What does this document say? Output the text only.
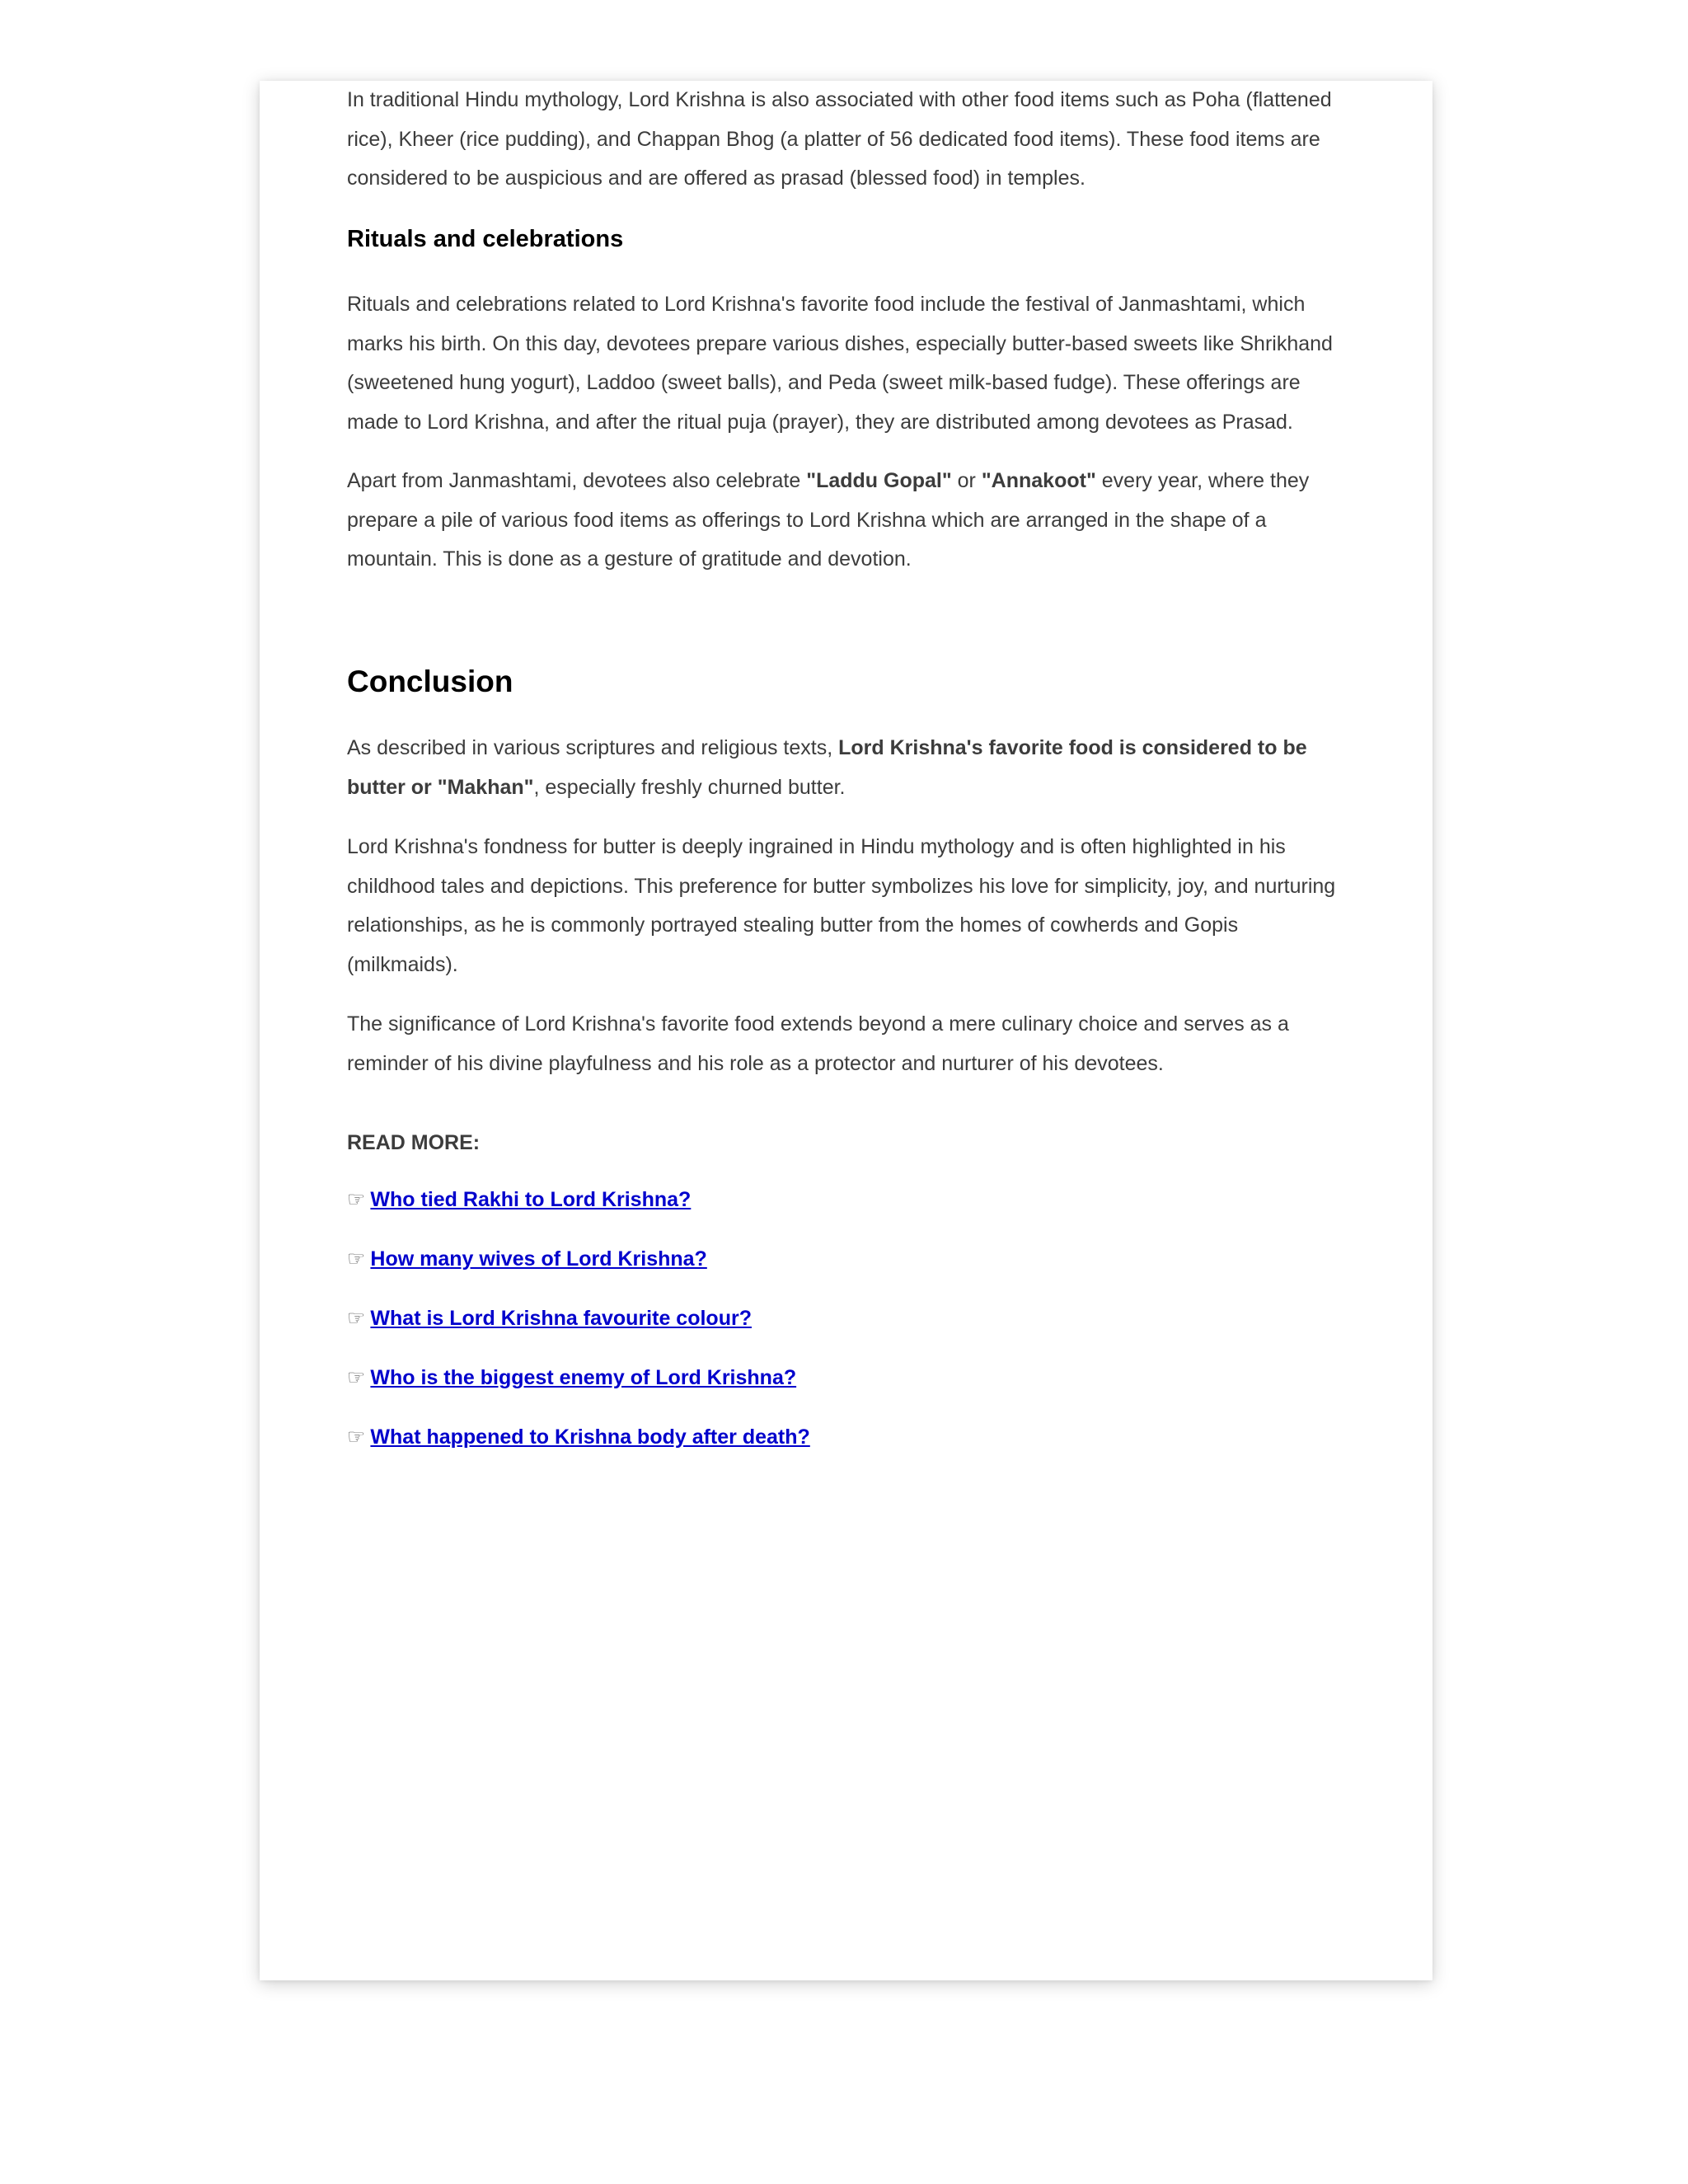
In traditional Hindu mythology, Lord Krishna is also associated with other food items such as Poha (flattened rice), Kheer (rice pudding), and Chappan Bhog (a platter of 56 dedicated food items). These food items are considered to be auspicious and are offered as prasad (blessed food) in temples.

Rituals and celebrations

Rituals and celebrations related to Lord Krishna's favorite food include the festival of Janmashtami, which marks his birth. On this day, devotees prepare various dishes, especially butter-based sweets like Shrikhand (sweetened hung yogurt), Laddoo (sweet balls), and Peda (sweet milk-based fudge). These offerings are made to Lord Krishna, and after the ritual puja (prayer), they are distributed among devotees as Prasad.

Apart from Janmashtami, devotees also celebrate "Laddu Gopal" or "Annakoot" every year, where they prepare a pile of various food items as offerings to Lord Krishna which are arranged in the shape of a mountain. This is done as a gesture of gratitude and devotion.

Conclusion

As described in various scriptures and religious texts, Lord Krishna's favorite food is considered to be butter or "Makhan", especially freshly churned butter.

Lord Krishna's fondness for butter is deeply ingrained in Hindu mythology and is often highlighted in his childhood tales and depictions. This preference for butter symbolizes his love for simplicity, joy, and nurturing relationships, as he is commonly portrayed stealing butter from the homes of cowherds and Gopis (milkmaids).

The significance of Lord Krishna's favorite food extends beyond a mere culinary choice and serves as a reminder of his divine playfulness and his role as a protector and nurturer of his devotees.

READ MORE:

☞ Who tied Rakhi to Lord Krishna?

☞ How many wives of Lord Krishna?

☞ What is Lord Krishna favourite colour?

☞ Who is the biggest enemy of Lord Krishna?

☞ What happened to Krishna body after death?
